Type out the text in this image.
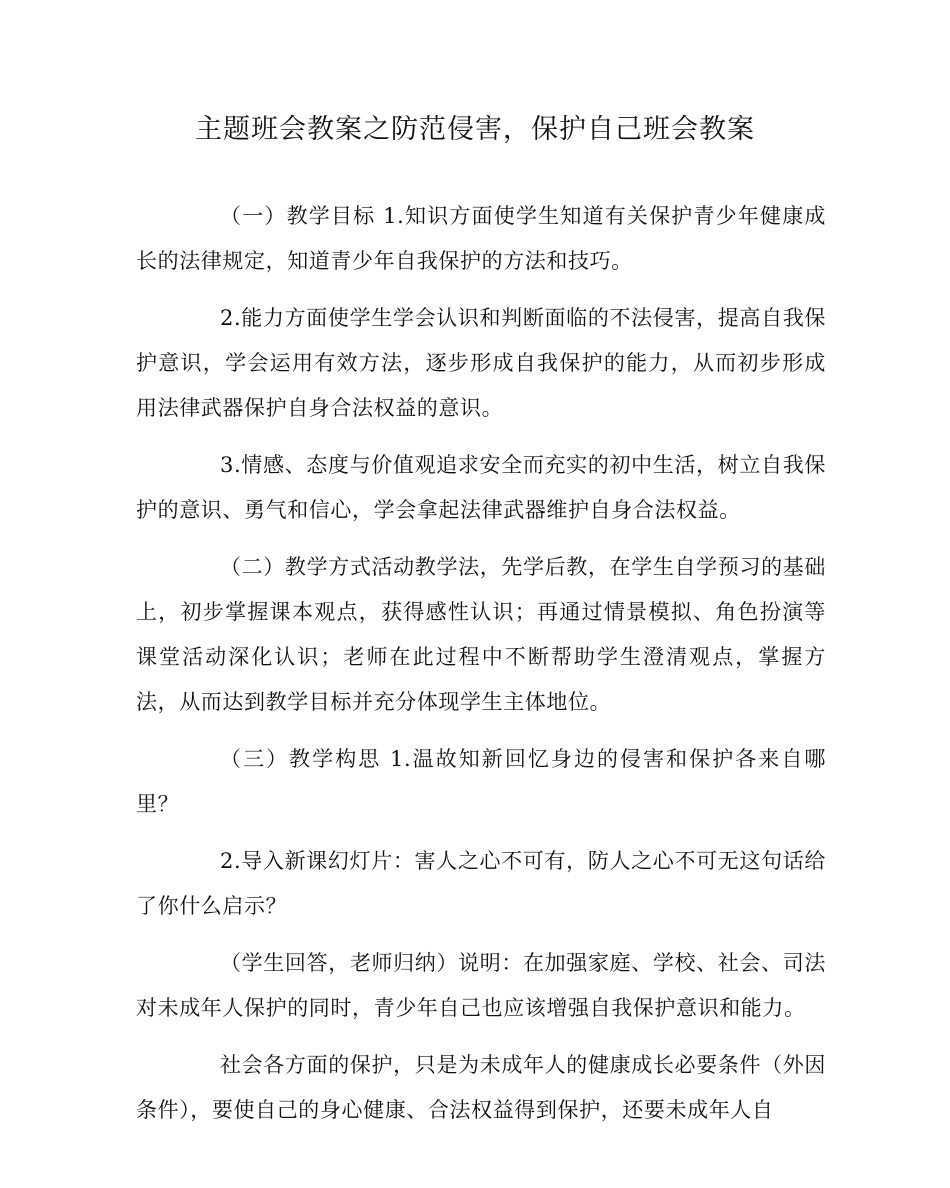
主题班会教案之防范侵害，保护自己班会教案

（一）教学目标 1.知识方面使学生知道有关保护青少年健康成长的法律规定，知道青少年自我保护的方法和技巧。

2.能力方面使学生学会认识和判断面临的不法侵害，提高自我保护意识，学会运用有效方法，逐步形成自我保护的能力，从而初步形成用法律武器保护自身合法权益的意识。

3.情感、态度与价值观追求安全而充实的初中生活，树立自我保护的意识、勇气和信心，学会拿起法律武器维护自身合法权益。

（二）教学方式活动教学法，先学后教，在学生自学预习的基础上，初步掌握课本观点，获得感性认识；再通过情景模拟、角色扮演等课堂活动深化认识；老师在此过程中不断帮助学生澄清观点，掌握方法，从而达到教学目标并充分体现学生主体地位。

（三）教学构思 1.温故知新回忆身边的侵害和保护各来自哪里？

2.导入新课幻灯片：害人之心不可有，防人之心不可无这句话给了你什么启示？

（学生回答，老师归纳）说明：在加强家庭、学校、社会、司法对未成年人保护的同时，青少年自己也应该增强自我保护意识和能力。

社会各方面的保护，只是为未成年人的健康成长必要条件（外因条件），要使自己的身心健康、合法权益得到保护，还要未成年人自
